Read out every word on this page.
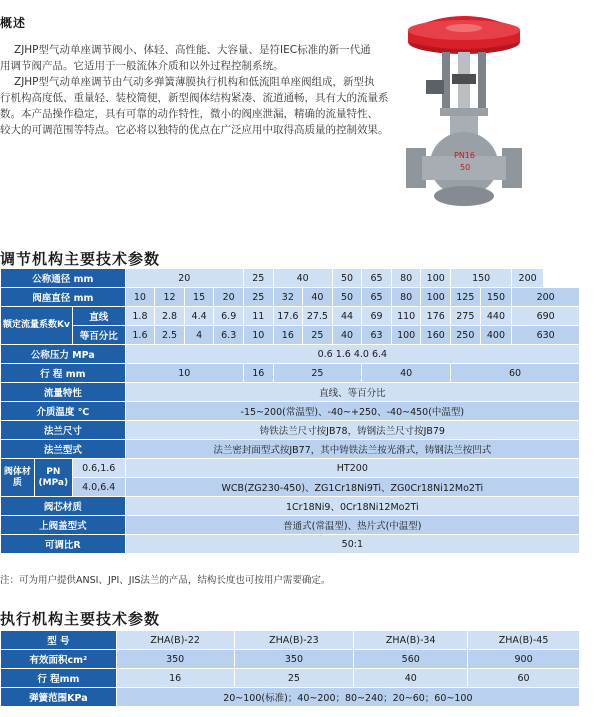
概述
ZJHP型气动单座调节阀小、体轻、高性能、大容量、是符IEC标准的新一代通
用调节阀产品。它适用于一般流体介质和以外过程控制系统。
ZJHP型气动单座调节由气动多弹簧薄膜执行机构和低流阻单座阀组成，新型执
行机构高度低、重量轻、装校简便，新型阀体结构紧凑、流道通畅，具有大的流量系
数。本产品操作稳定，具有可靠的动作特性，微小的阀座泄漏，精确的流量特性、
较大的可调范围等特点。它必将以独特的优点在广泛应用中取得高质量的控制效果。
PN16
50
调节机构主要技术参数
公称通径 mm			20				25	40		50	65	80	100	150		200
阀座直径 mm			10	12	15	20	25	32	40	50	65	80	100	125	150	200
额定流量系数Kv		直线	1.8	2.8	4.4	6.9	11	17.6	27.5	44	69	110	176	275	440	690
		等百分比	1.6	2.5	4	6.3	10	16	25	40	63	100	160	250	400	630
公称压力 MPa			0.6 1.6 4.0 6.4													
行 程 mm			10				16	25			40			60		
流量特性			直线、等百分比													
介质温度 ℃			-15~200(常温型)、-40~+250、-40~450(中温型)													
法兰尺寸			铸铁法兰尺寸按JB78，铸钢法兰尺寸按JB79													
法兰型式			法兰密封面型式按JB77，其中铸铁法兰按光滑式，铸钢法兰按凹式													
阀体材质	PN (MPa)	0.6,1.6	HT200													
		4.0,6.4	WCB(ZG230-450)、ZG1Cr18Ni9Ti、ZG0Cr18Ni12Mo2Ti													
阀芯材质			1Cr18Ni9、0Cr18Ni12Mo2Ti													
上阀盖型式			普通式(常温型)、热片式(中温型)													
可调比R			50:1													
注：可为用户提供ANSI、JPI、JIS法兰的产品，结构长度也可按用户需要确定。
执行机构主要技术参数
型 号	ZHA(B)-22	ZHA(B)-23	ZHA(B)-34	ZHA(B)-45
有效面积cm²	350	350	560	900
行 程mm	16	25	40	60
弹簧范围KPa	20~100(标准)；40~200；80~240；20~60；60~100			
